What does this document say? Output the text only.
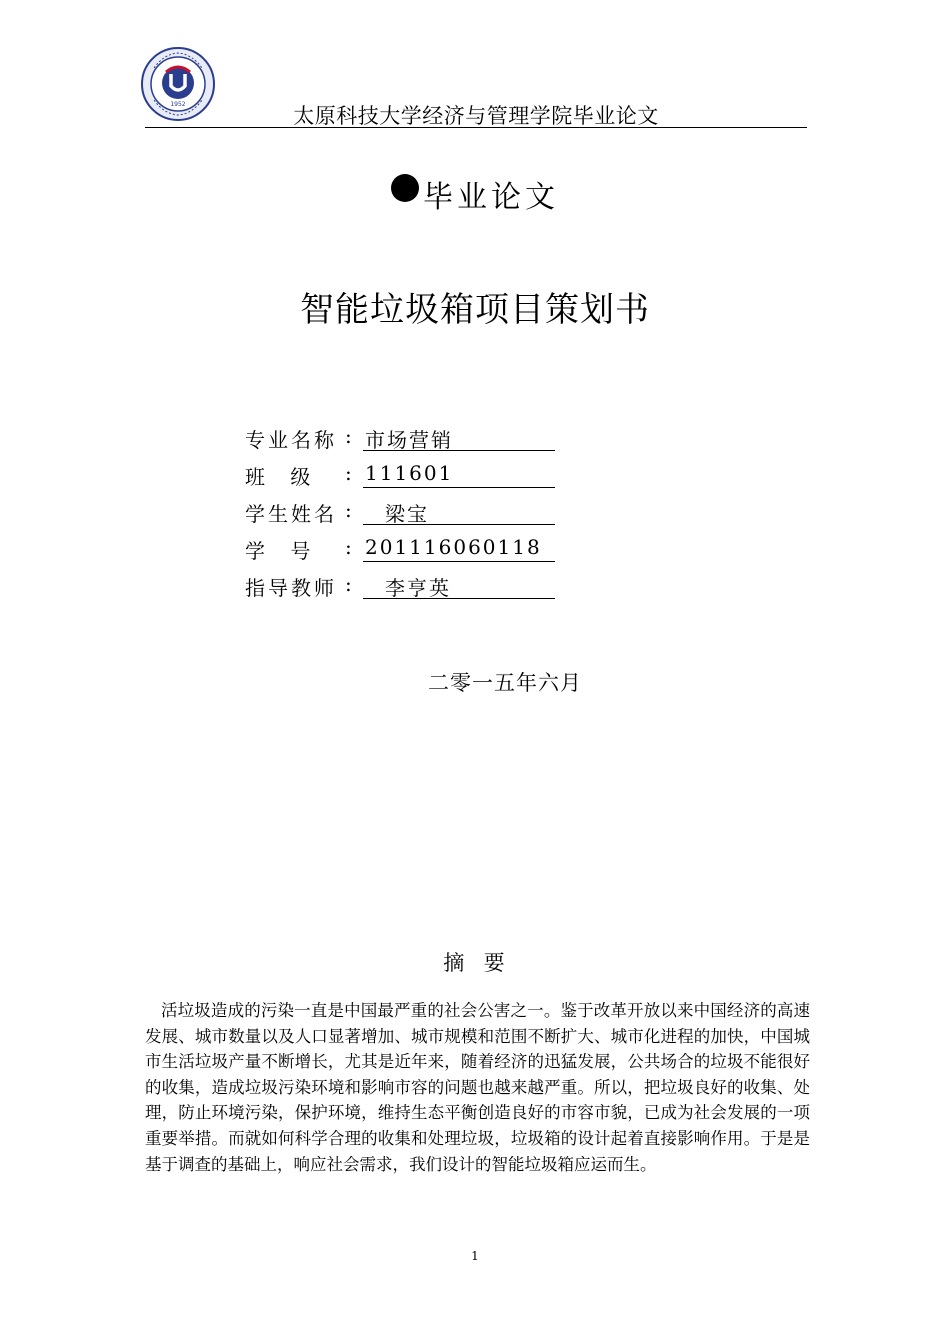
1952	太原科技大学经济与管理学院毕业论文
毕业论文
智能垃圾箱项目策划书
专业名称 : 市场营销
班    级	: 111601
学生姓名 : 梁宝
学    号	: 201116060118
指导教师 : 李亨英
二零一五年六月
摘  要
活垃圾造成的污染一直是中国最严重的社会公害之一。鉴于改革开放以来中国经济的高速发展、城市数量以及人口显著增加、城市规模和范围不断扩大、城市化进程的加快，中国城市生活垃圾产量不断增长，尤其是近年来，随着经济的迅猛发展，公共场合的垃圾不能很好的收集，造成垃圾污染环境和影响市容的问题也越来越严重。所以，把垃圾良好的收集、处理，防止环境污染，保护环境，维持生态平衡创造良好的市容市貌，已成为社会发展的一项重要举措。而就如何科学合理的收集和处理垃圾，垃圾箱的设计起着直接影响作用。于是是基于调查的基础上，响应社会需求，我们设计的智能垃圾箱应运而生。
1
